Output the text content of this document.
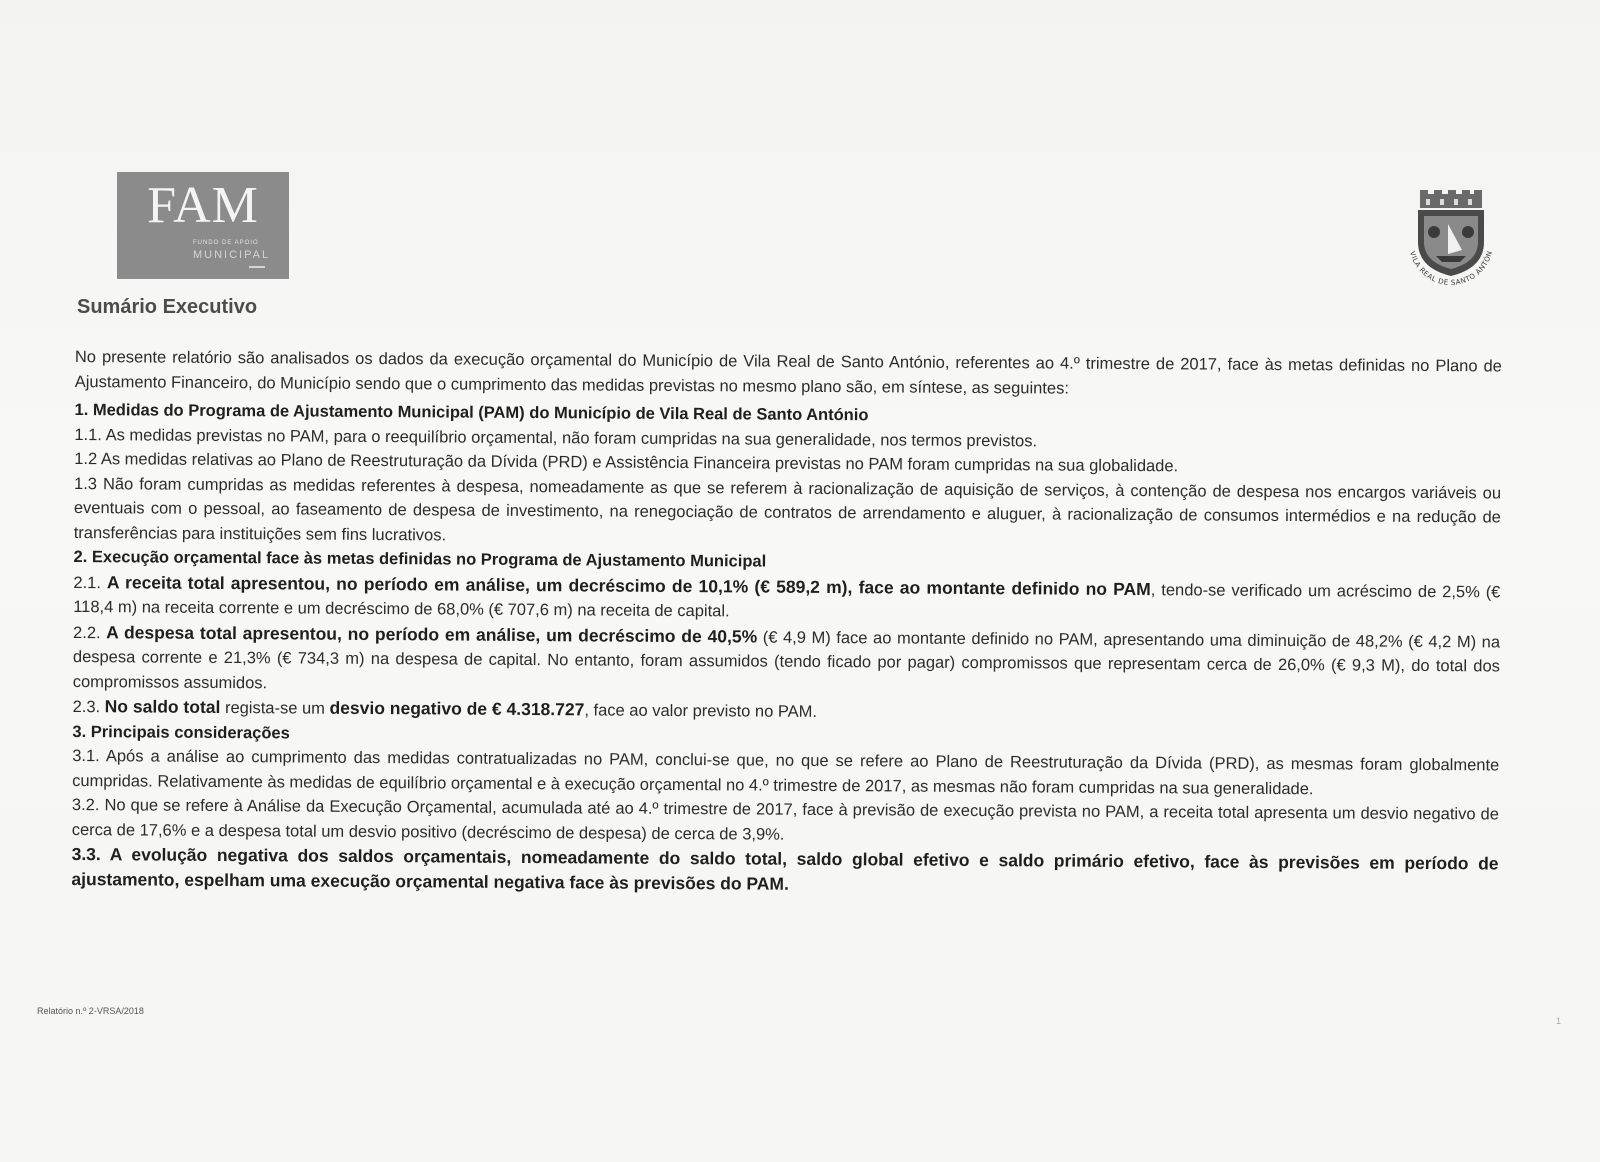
FAM
FUNDO DE APOIO
MUNICIPAL	VILA REAL DE SANTO ANTÓN
Sumário Executivo

No presente relatório são analisados os dados da execução orçamental do Município de Vila Real de Santo António, referentes ao 4.º trimestre de 2017, face às metas definidas no Plano de Ajustamento Financeiro, do Município sendo que o cumprimento das medidas previstas no mesmo plano são, em síntese, as seguintes:

1. Medidas do Programa de Ajustamento Municipal (PAM) do Município de Vila Real de Santo António

1.1. As medidas previstas no PAM, para o reequilíbrio orçamental, não foram cumpridas na sua generalidade, nos termos previstos.

1.2 As medidas relativas ao Plano de Reestruturação da Dívida (PRD) e Assistência Financeira previstas no PAM foram cumpridas na sua globalidade.

1.3 Não foram cumpridas as medidas referentes à despesa, nomeadamente as que se referem à racionalização de aquisição de serviços, à contenção de despesa nos encargos variáveis ou eventuais com o pessoal, ao faseamento de despesa de investimento, na renegociação de contratos de arrendamento e aluguer, à racionalização de consumos intermédios e na redução de transferências para instituições sem fins lucrativos.

2. Execução orçamental face às metas definidas no Programa de Ajustamento Municipal

2.1. A receita total apresentou, no período em análise, um decréscimo de 10,1% (€ 589,2 m), face ao montante definido no PAM, tendo-se verificado um acréscimo de 2,5% (€ 118,4 m) na receita corrente e um decréscimo de 68,0% (€ 707,6 m) na receita de capital.

2.2. A despesa total apresentou, no período em análise, um decréscimo de 40,5% (€ 4,9 M) face ao montante definido no PAM, apresentando uma diminuição de 48,2% (€ 4,2 M) na despesa corrente e 21,3% (€ 734,3 m) na despesa de capital. No entanto, foram assumidos (tendo ficado por pagar) compromissos que representam cerca de 26,0% (€ 9,3 M), do total dos compromissos assumidos.

2.3. No saldo total regista-se um desvio negativo de € 4.318.727, face ao valor previsto no PAM.

3. Principais considerações

3.1. Após a análise ao cumprimento das medidas contratualizadas no PAM, conclui-se que, no que se refere ao Plano de Reestruturação da Dívida (PRD), as mesmas foram globalmente cumpridas. Relativamente às medidas de equilíbrio orçamental e à execução orçamental no 4.º trimestre de 2017, as mesmas não foram cumpridas na sua generalidade.

3.2. No que se refere à Análise da Execução Orçamental, acumulada até ao 4.º trimestre de 2017, face à previsão de execução prevista no PAM, a receita total apresenta um desvio negativo de cerca de 17,6% e a despesa total um desvio positivo (decréscimo de despesa) de cerca de 3,9%.

3.3. A evolução negativa dos saldos orçamentais, nomeadamente do saldo total, saldo global efetivo e saldo primário efetivo, face às previsões em período de ajustamento, espelham uma execução orçamental negativa face às previsões do PAM.

Relatório n.º 2-VRSA/2018
1
